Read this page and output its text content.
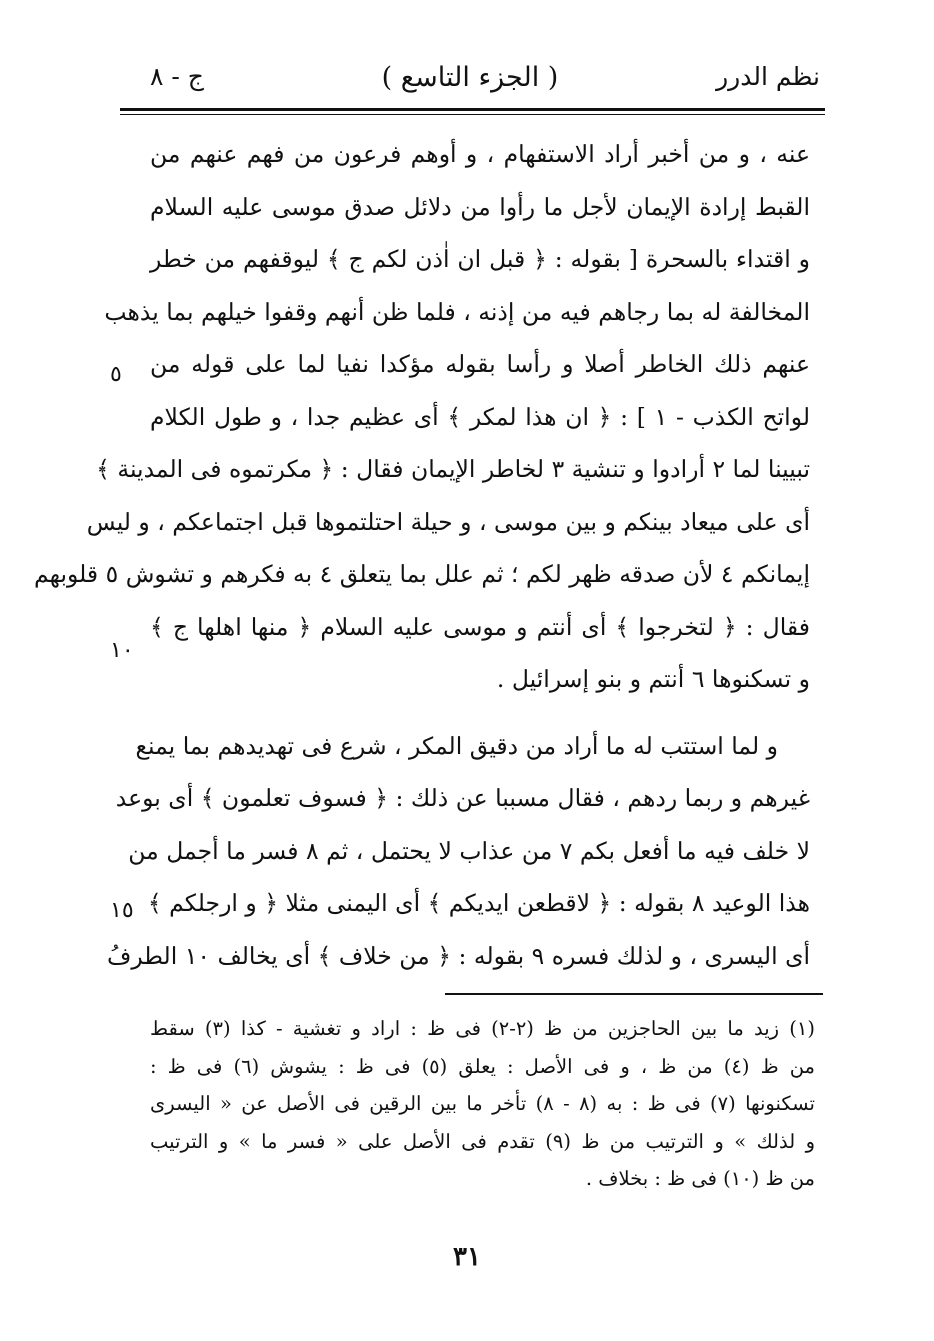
نظم الدرر
( الجزء التاسع )
ج - ٨
عنه ، و من أخبر أراد الاستفهام ، و أوهم فرعون من فهم عنهم من
القبط إرادة الإيمان لأجل ما رأوا من دلائل صدق موسى عليه السلام
و اقتداء بالسحرة [ بقوله : ﴿ قبل ان اٰذن لكم ج ﴾ ليوقفهم من خطر
المخالفة له بما رجاهم فيه من إذنه ، فلما ظن أنهم وقفوا خيلهم بما يذهب
عنهم ذلك الخاطر أصلا و رأسا بقوله مؤكدا نفيا لما على قوله من
لواتح الكذب - ١ ] : ﴿ ان هذا لمكر ﴾ أى عظيم جدا ، و طول الكلام
تبيينا لما ٢ أرادوا و تنشية ٣ لخاطر الإيمان فقال : ﴿ مكرتموه فى المدينة ﴾
أى على ميعاد بينكم و بين موسى ، و حيلة احتلتموها قبل اجتماعكم ، و ليس
إيمانكم ٤ لأن صدقه ظهر لكم ؛ ثم علل بما يتعلق ٤ به فكرهم و تشوش ٥ قلوبهم
فقال : ﴿ لتخرجوا ﴾ أى أنتم و موسى عليه السلام ﴿ منها اهلها ج ﴾
و تسكنوها ٦ أنتم و بنو إسرائيل .
و لما استتب له ما أراد من دقيق المكر ، شرع فى تهديدهم بما يمنع
غيرهم و ربما ردهم ، فقال مسببا عن ذلك : ﴿ فسوف تعلمون ﴾ أى بوعد
لا خلف فيه ما أفعل بكم ٧ من عذاب لا يحتمل ، ثم ٨ فسر ما أجمل من
هذا الوعيد ٨ بقوله : ﴿ لاقطعن ايديكم ﴾ أى اليمنى مثلا ﴿ و ارجلكم ﴾
أى اليسرى ، و لذلك فسره ٩ بقوله : ﴿ من خلاف ﴾ أى يخالف ١٠ الطرفُ
٥
١٠
١٥
(١) زيد ما بين الحاجزين من ظ (٢-٢) فى ظ : اراد و تغشية - كذا (٣) سقط
من ظ (٤) من ظ ، و فى الأصل : يعلق (٥) فى ظ : يشوش (٦) فى ظ :
تسكنونها (٧) فى ظ : به (٨ - ٨) تأخر ما بين الرقين فى الأصل عن « اليسرى
و لذلك » و الترتيب من ظ (٩) تقدم فى الأصل على « فسر ما » و الترتيب
من ظ (١٠) فى ظ : بخلاف .
٣١
